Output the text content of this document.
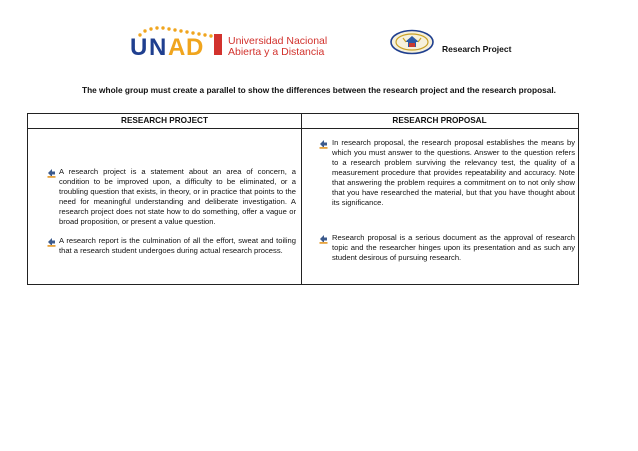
U N A D Universidad Nacional
Abierta y a Distancia	Research Project
The whole group must create a parallel to show the differences between the research project and the research proposal.
RESEARCH PROJECT
A research project is a statement about an area of concern, a condition to be improved upon, a difficulty to be eliminated, or a troubling question that exists, in theory, or in practice that points to the need for meaningful understanding and deliberate investigation. A research project does not state how to do something, offer a vague or broad proposition, or present a value question.
A research report is the culmination of all the effort, sweat and toiling that a research student undergoes during actual research process.
RESEARCH PROPOSAL
In research proposal, the research proposal establishes the means by which you must answer to the questions. Answer to the question refers to a research problem surviving the relevancy test, the quality of a measurement procedure that provides repeatability and accuracy. Note that answering the problem requires a commitment on to not only show that you have researched the material, but that you have thought about its significance.
Research proposal is a serious document as the approval of research topic and the researcher hinges upon its presentation and as such any student desirous of pursuing research.
